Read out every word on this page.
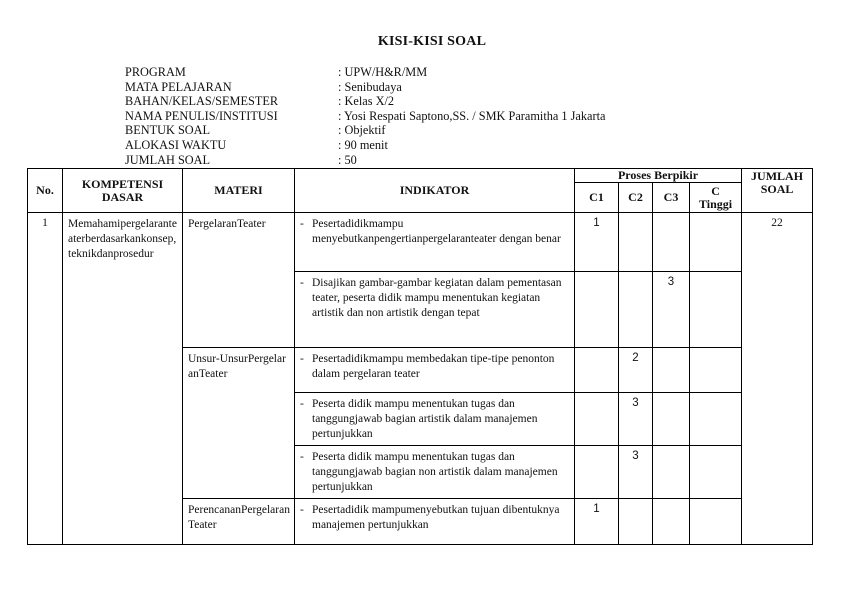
KISI-KISI SOAL
PROGRAM	: UPW/H&R/MM
MATA PELAJARAN	: Senibudaya
BAHAN/KELAS/SEMESTER	: Kelas X/2
NAMA PENULIS/INSTITUSI	: Yosi Respati Saptono,SS. / SMK Paramitha 1 Jakarta
BENTUK SOAL	: Objektif
ALOKASI WAKTU	: 90 menit
JUMLAH SOAL	: 50
No.	KOMPETENSI DASAR	MATERI	INDIKATOR	Proses Berpikir				JUMLAH SOAL
				C1	C2	C3	C Tinggi	
1	Memahamipergelaranteaterberdasarkankonsep, teknikdanprosedur	PergelaranTeater	- Pesertadidikmampu menyebutkanpengertianpergelaranteater dengan benar	1				22

			- Disajikan gambar-gambar kegiatan dalam pementasan teater, peserta didik mampu menentukan kegiatan artistik dan non artistik dengan tepat			3		
		Unsur-UnsurPergelaranTeater	- Pesertadidikmampu membedakan tipe-tipe penonton dalam pergelaran teater		2			

			- Peserta didik mampu menentukan tugas dan tanggungjawab bagian artistik dalam manajemen pertunjukkan		3			

			- Peserta didik mampu menentukan tugas dan tanggungjawab bagian non artistik dalam manajemen pertunjukkan		3			
		PerencananPergelaranTeater	- Pesertadidik mampumenyebutkan tujuan dibentuknya manajemen pertunjukkan	1				
